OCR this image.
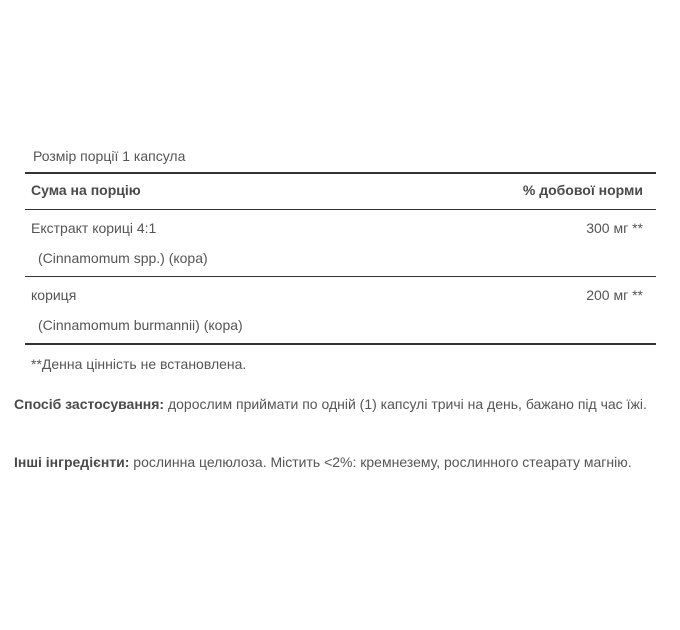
Розмір порції 1 капсула
Сума на порцію	% добової норми
Екстракт кориці 4:1	300 мг **
(Cinnamomum spp.) (кора)
кориця	200 мг **
(Cinnamomum burmannii) (кора)
**Денна цінність не встановлена.
Спосіб застосування: дорослим приймати по одній (1) капсулі тричі на день, бажано під час їжі.
Інші інгредієнти: рослинна целюлоза. Містить <2%: кремнезему, рослинного стеарату магнію.
